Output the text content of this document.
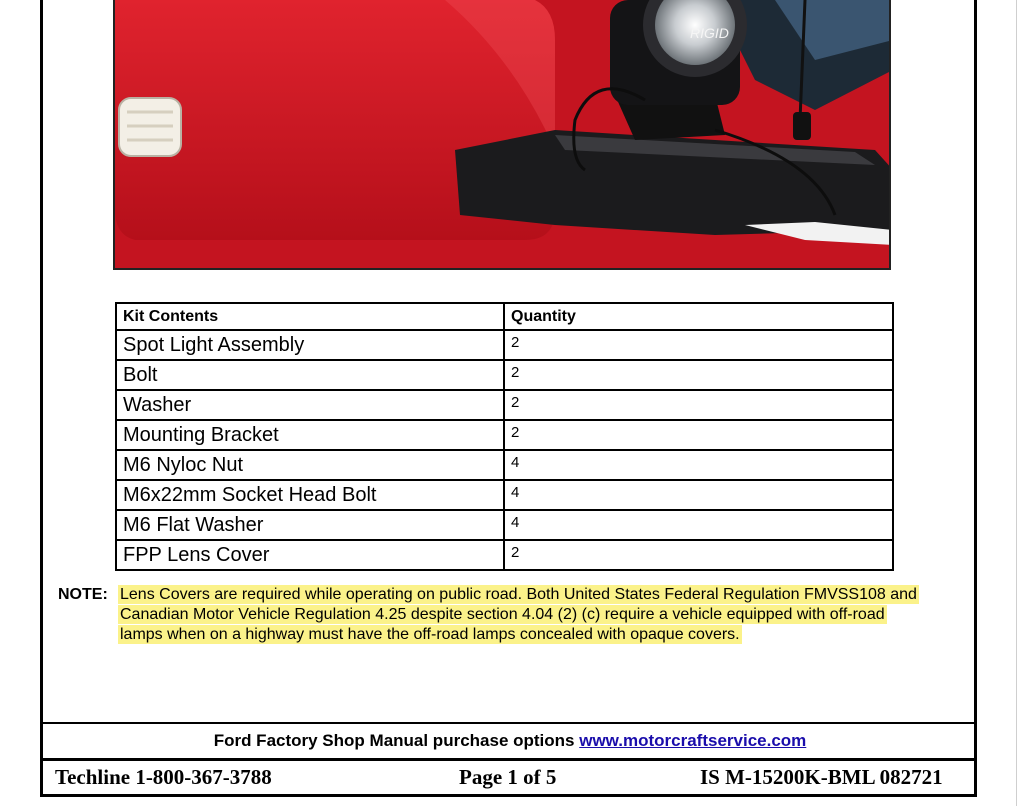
RIGID
Kit Contents	Quantity
Spot Light Assembly	2
Bolt	2
Washer	2
Mounting Bracket	2
M6 Nyloc Nut	4
M6x22mm Socket Head Bolt	4
M6 Flat Washer	4
FPP Lens Cover	2
NOTE: Lens Covers are required while operating on public road. Both United States Federal Regulation FMVSS108 and
Canadian Motor Vehicle Regulation 4.25 despite section 4.04 (2) (c) require a vehicle equipped with off-road
lamps when on a highway must have the off-road lamps concealed with opaque covers.
Ford Factory Shop Manual purchase options www.motorcraftservice.com
Techline 1-800-367-3788	Page 1 of 5	IS M-15200K-BML 082721
